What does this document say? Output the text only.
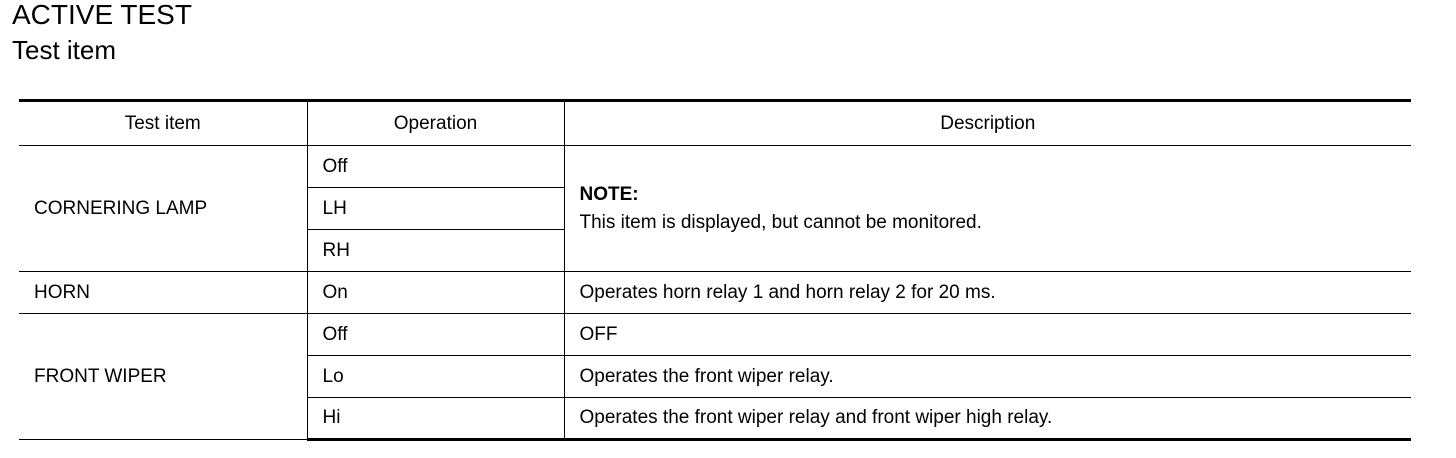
ACTIVE TEST
Test item
Test item	Operation	Description
CORNERING LAMP	Off	NOTE:
This item is displayed, but cannot be monitored.

	LH	
	RH	
HORN	On	Operates horn relay 1 and horn relay 2 for 20 ms.
FRONT WIPER	Off	OFF
	Lo	Operates the front wiper relay.
	Hi	Operates the front wiper relay and front wiper high relay.
